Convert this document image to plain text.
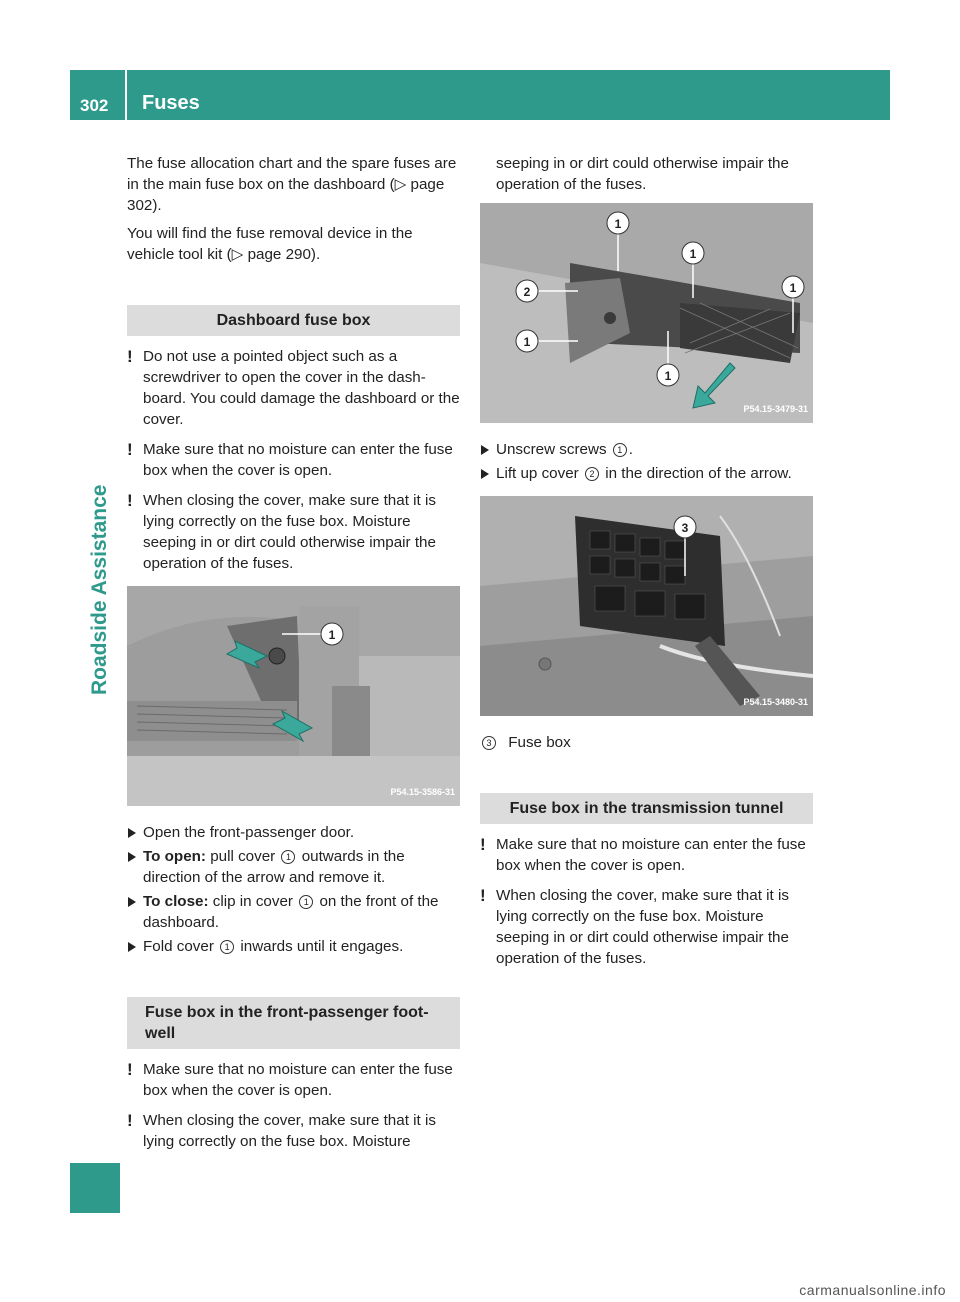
302 Fuses
Roadside Assistance

The fuse allocation chart and the spare fuses are in the main fuse box on the dashboard (▷ page 302).

You will find the fuse removal device in the vehicle tool kit (▷ page 290).

Dashboard fuse box
! Do not use a pointed object such as a screwdriver to open the cover in the dashboard. You could damage the dashboard or the cover.
! Make sure that no moisture can enter the fuse box when the cover is open.
! When closing the cover, make sure that it is lying correctly on the fuse box. Moisture seeping in or dirt could otherwise impair the operation of the fuses.
1
P54.15-3586-31
Open the front-passenger door.
To open: pull cover 1 outwards in the direction of the arrow and remove it.
To close: clip in cover 1 on the front of the dashboard.
Fold cover 1 inwards until it engages.
Fuse box in the front-passenger footwell
! Make sure that no moisture can enter the fuse box when the cover is open.
! When closing the cover, make sure that it is lying correctly on the fuse box. Moisture
seeping in or dirt could otherwise impair the operation of the fuses.
1
1
1
2
1
1
P54.15-3479-31
Unscrew screws 1 .
Lift up cover 2 in the direction of the arrow.
3
P54.15-3480-31
3 Fuse box
Fuse box in the transmission tunnel
! Make sure that no moisture can enter the fuse box when the cover is open.
! When closing the cover, make sure that it is lying correctly on the fuse box. Moisture seeping in or dirt could otherwise impair the operation of the fuses.
carmanualsonline.info
